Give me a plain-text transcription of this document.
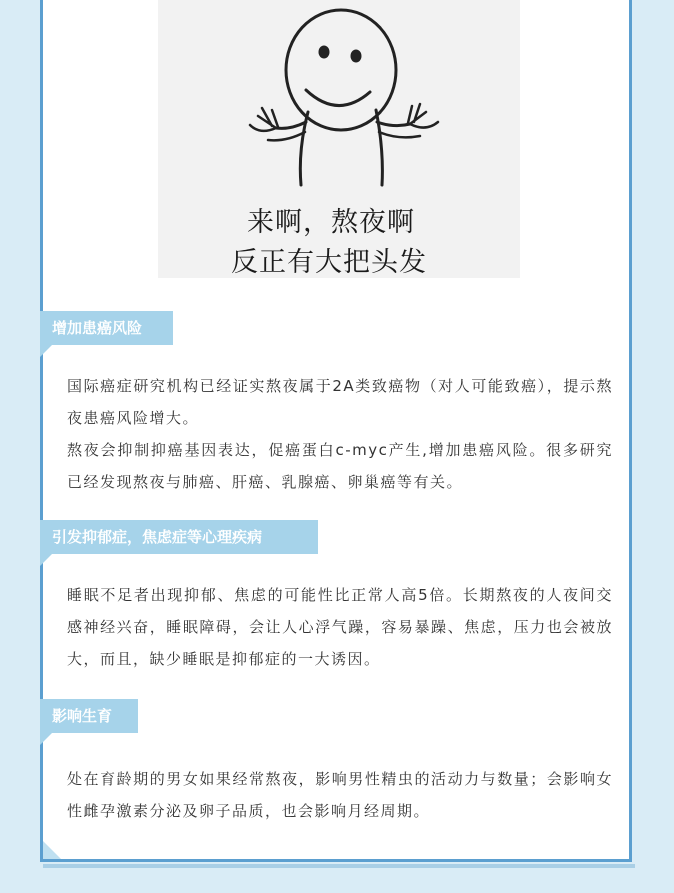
来啊，熬夜啊
反正有大把头发
增加患癌风险
国际癌症研究机构已经证实熬夜属于2A类致癌物（对人可能致癌），提示熬夜患癌风险增大。
熬夜会抑制抑癌基因表达，促癌蛋白c-myc产生,增加患癌风险。很多研究已经发现熬夜与肺癌、肝癌、乳腺癌、卵巢癌等有关。
引发抑郁症，焦虑症等心理疾病
睡眠不足者出现抑郁、焦虑的可能性比正常人高5倍。长期熬夜的人夜间交感神经兴奋，睡眠障碍，会让人心浮气躁，容易暴躁、焦虑，压力也会被放大，而且，缺少睡眠是抑郁症的一大诱因。
影响生育
处在育龄期的男女如果经常熬夜，影响男性精虫的活动力与数量；会影响女性雌孕激素分泌及卵子品质，也会影响月经周期。
